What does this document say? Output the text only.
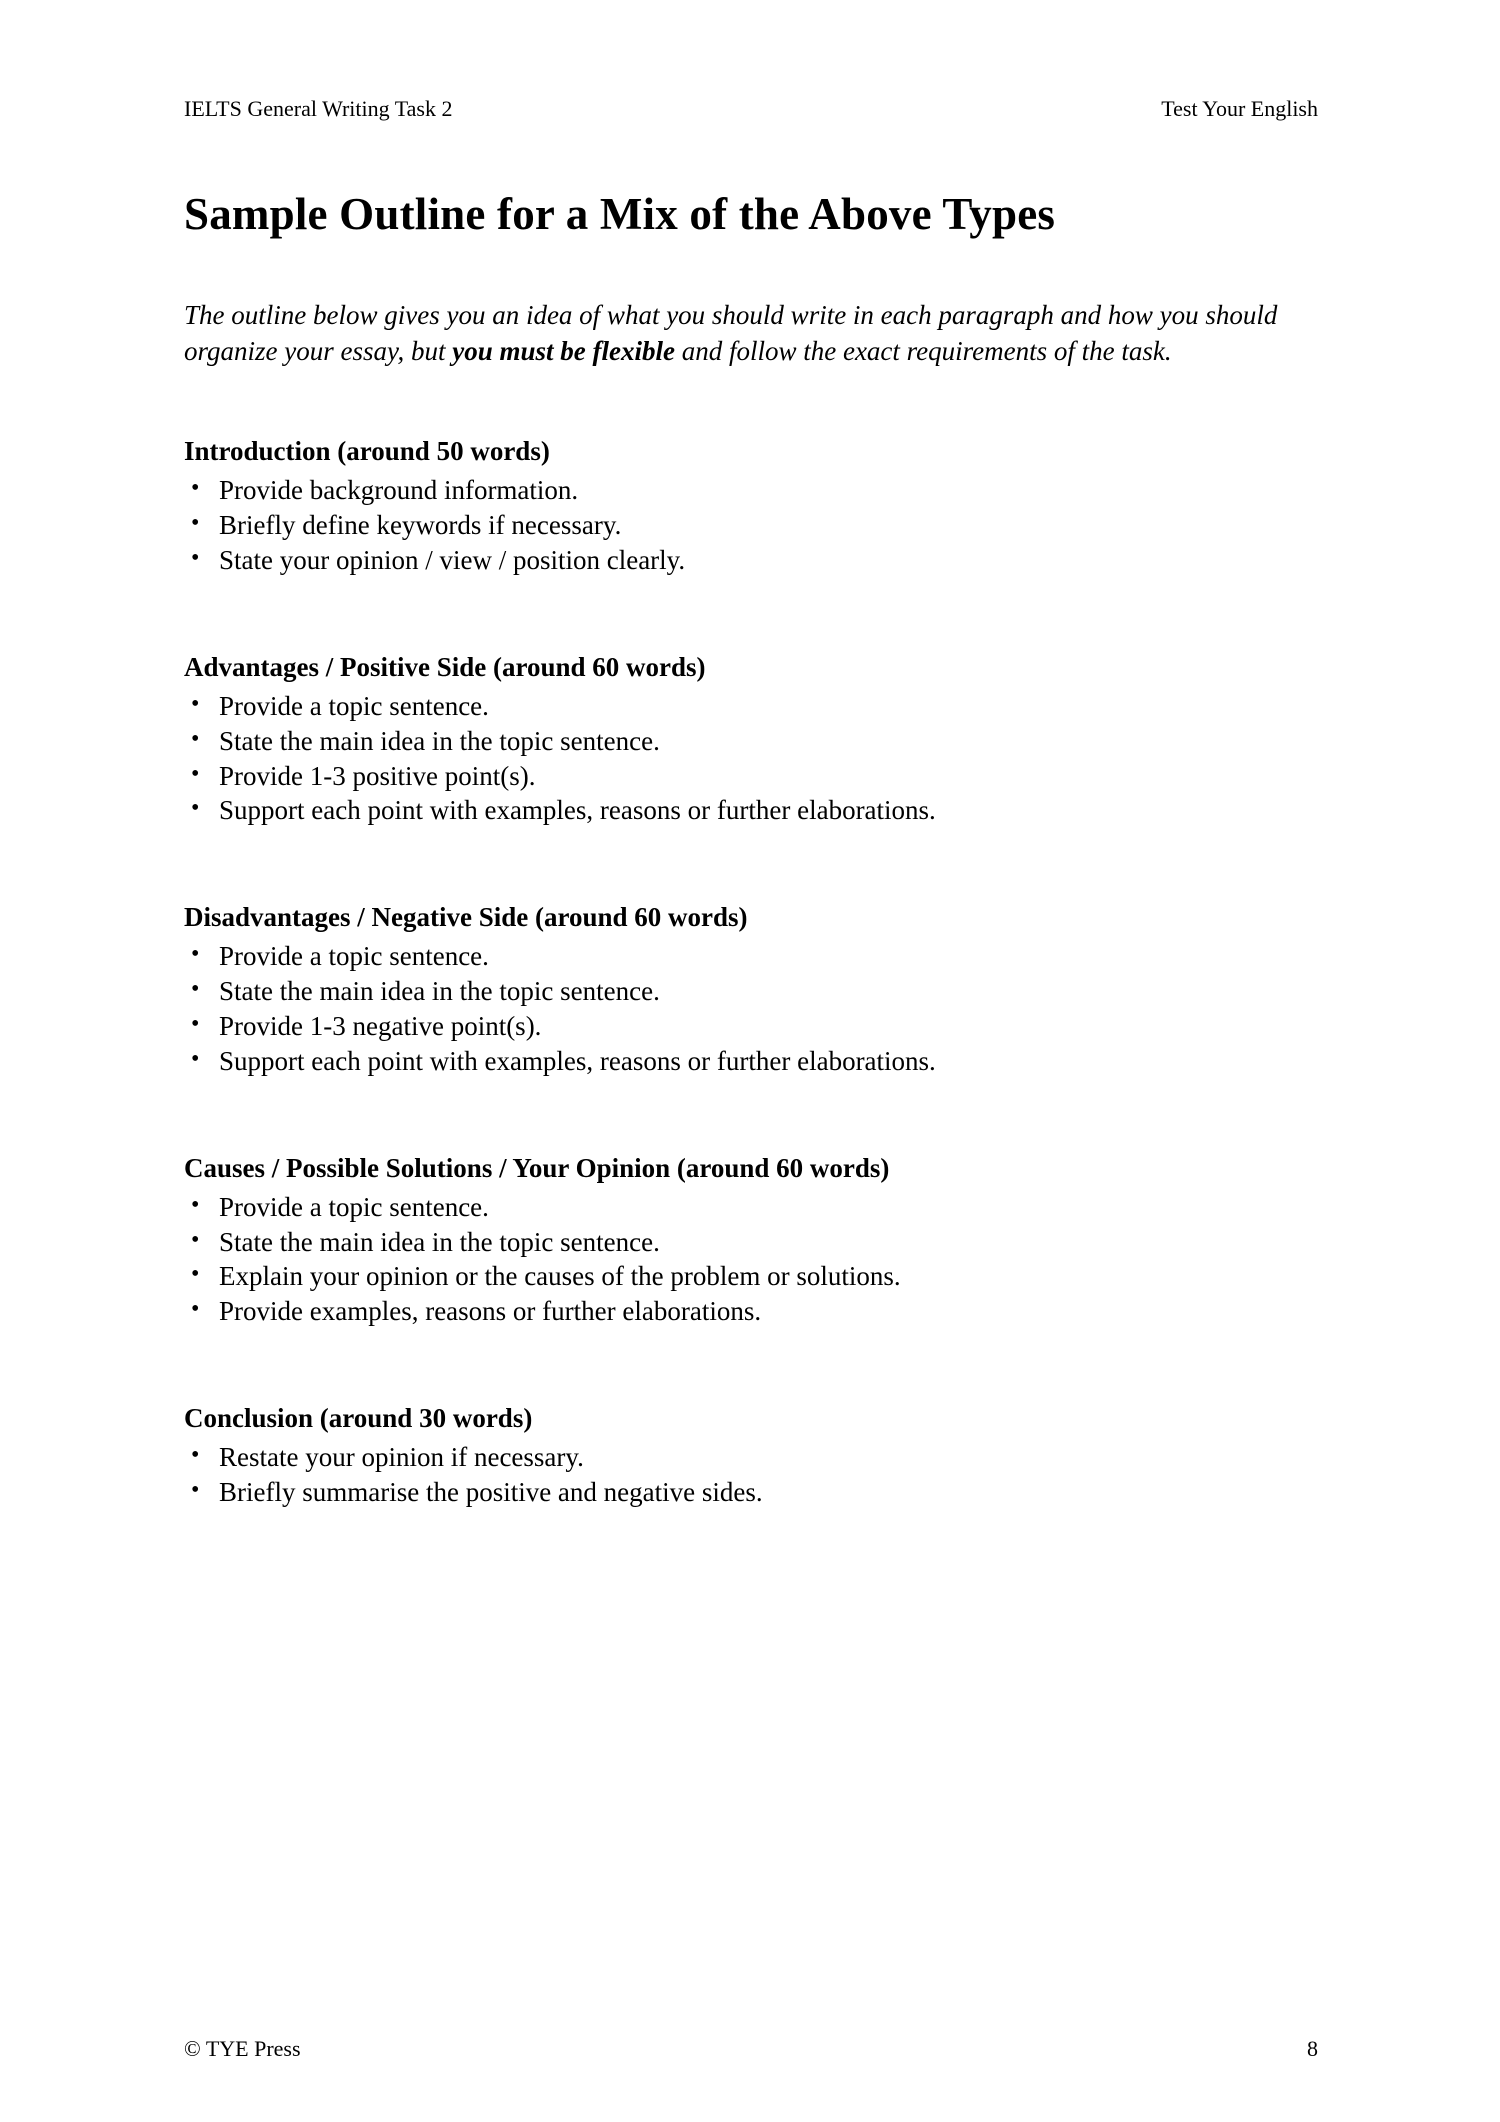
IELTS General Writing Task 2	Test Your English
Sample Outline for a Mix of the Above Types

The outline below gives you an idea of what you should write in each paragraph and how you should organize your essay, but you must be flexible and follow the exact requirements of the task.

Introduction (around 50 words)
• Provide background information.
• Briefly define keywords if necessary.
• State your opinion / view / position clearly.
Advantages / Positive Side (around 60 words)
• Provide a topic sentence.
• State the main idea in the topic sentence.
• Provide 1-3 positive point(s).
• Support each point with examples, reasons or further elaborations.
Disadvantages / Negative Side (around 60 words)
• Provide a topic sentence.
• State the main idea in the topic sentence.
• Provide 1-3 negative point(s).
• Support each point with examples, reasons or further elaborations.
Causes / Possible Solutions / Your Opinion (around 60 words)
• Provide a topic sentence.
• State the main idea in the topic sentence.
• Explain your opinion or the causes of the problem or solutions.
• Provide examples, reasons or further elaborations.
Conclusion (around 30 words)
• Restate your opinion if necessary.
• Briefly summarise the positive and negative sides.
© TYE Press	8
